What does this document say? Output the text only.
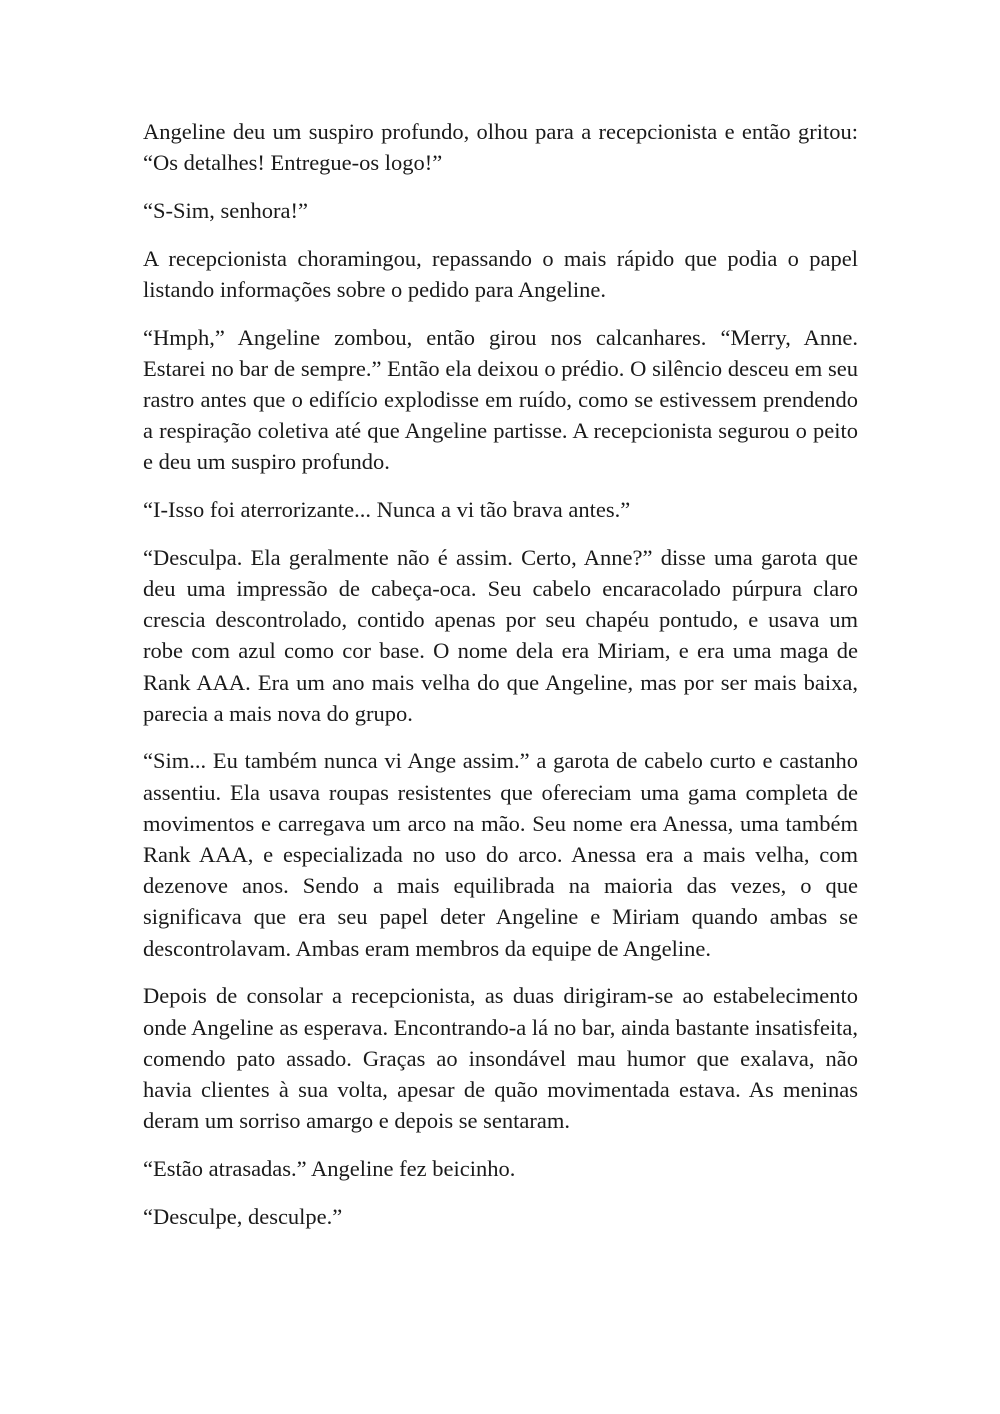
Angeline deu um suspiro profundo, olhou para a recepcionista e então gritou: “Os detalhes! Entregue-os logo!”

“S-Sim, senhora!”

A recepcionista choramingou, repassando o mais rápido que podia o papel listando informações sobre o pedido para Angeline.

“Hmph,” Angeline zombou, então girou nos calcanhares. “Merry, Anne. Estarei no bar de sempre.” Então ela deixou o prédio. O silêncio desceu em seu rastro antes que o edifício explodisse em ruído, como se estivessem prendendo a respiração coletiva até que Angeline partisse. A recepcionista segurou o peito e deu um suspiro profundo.

“I-Isso foi aterrorizante... Nunca a vi tão brava antes.”

“Desculpa. Ela geralmente não é assim. Certo, Anne?” disse uma garota que deu uma impressão de cabeça-oca. Seu cabelo encaracolado púrpura claro crescia descontrolado, contido apenas por seu chapéu pontudo, e usava um robe com azul como cor base. O nome dela era Miriam, e era uma maga de Rank AAA. Era um ano mais velha do que Angeline, mas por ser mais baixa, parecia a mais nova do grupo.

“Sim... Eu também nunca vi Ange assim.” a garota de cabelo curto e castanho assentiu. Ela usava roupas resistentes que ofereciam uma gama completa de movimentos e carregava um arco na mão. Seu nome era Anessa, uma também Rank AAA, e especializada no uso do arco. Anessa era a mais velha, com dezenove anos. Sendo a mais equilibrada na maioria das vezes, o que significava que era seu papel deter Angeline e Miriam quando ambas se descontrolavam. Ambas eram membros da equipe de Angeline.

Depois de consolar a recepcionista, as duas dirigiram-se ao estabelecimento onde Angeline as esperava. Encontrando-a lá no bar, ainda bastante insatisfeita, comendo pato assado. Graças ao insondável mau humor que exalava, não havia clientes à sua volta, apesar de quão movimentada estava. As meninas deram um sorriso amargo e depois se sentaram.

“Estão atrasadas.” Angeline fez beicinho.

“Desculpe, desculpe.”
